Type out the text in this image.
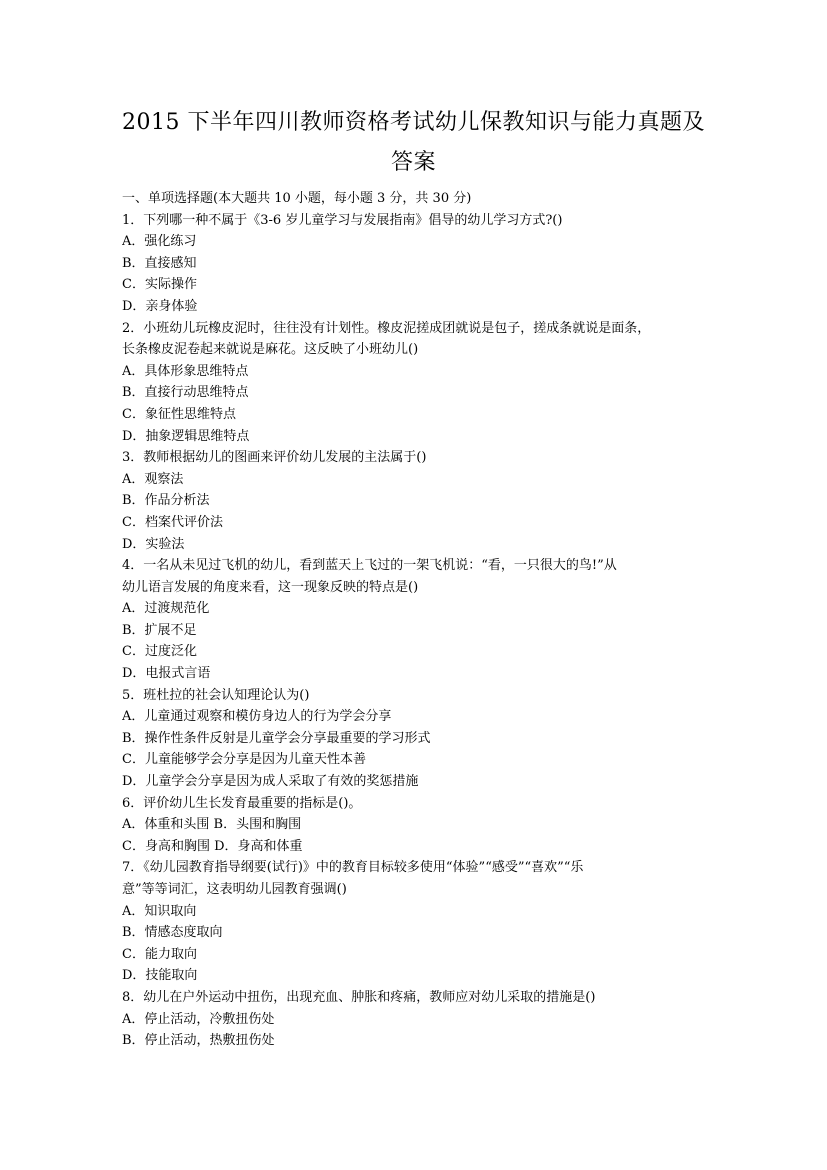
2015 下半年四川教师资格考试幼儿保教知识与能力真题及
答案
一、单项选择题(本大题共 10 小题，每小题 3 分，共 30 分)
1．下列哪一种不属于《3-6 岁儿童学习与发展指南》倡导的幼儿学习方式?()
A．强化练习
B．直接感知
C．实际操作
D．亲身体验
2．小班幼儿玩橡皮泥时，往往没有计划性。橡皮泥搓成团就说是包子，搓成条就说是面条，
长条橡皮泥卷起来就说是麻花。这反映了小班幼儿()
A．具体形象思维特点
B．直接行动思维特点
C．象征性思维特点
D．抽象逻辑思维特点
3．教师根据幼儿的图画来评价幼儿发展的主法属于()
A．观察法
B．作品分析法
C．档案代评价法
D．实验法
4．一名从未见过飞机的幼儿，看到蓝天上飞过的一架飞机说：“看，一只很大的鸟!”从
幼儿语言发展的角度来看，这一现象反映的特点是()
A．过渡规范化
B．扩展不足
C．过度泛化
D．电报式言语
5．班杜拉的社会认知理论认为()
A．儿童通过观察和模仿身边人的行为学会分享
B．操作性条件反射是儿童学会分享最重要的学习形式
C．儿童能够学会分享是因为儿童天性本善
D．儿童学会分享是因为成人采取了有效的奖惩措施
6．评价幼儿生长发育最重要的指标是()。
A．体重和头围 B．头围和胸围
C．身高和胸围 D．身高和体重
7．《幼儿园教育指导纲要(试行)》中的教育目标较多使用“体验”“感受”“喜欢”“乐
意”等等词汇，这表明幼儿园教育强调()
A．知识取向
B．情感态度取向
C．能力取向
D．技能取向
8．幼儿在户外运动中扭伤，出现充血、肿胀和疼痛，教师应对幼儿采取的措施是()
A．停止活动，冷敷扭伤处
B．停止活动，热敷扭伤处
